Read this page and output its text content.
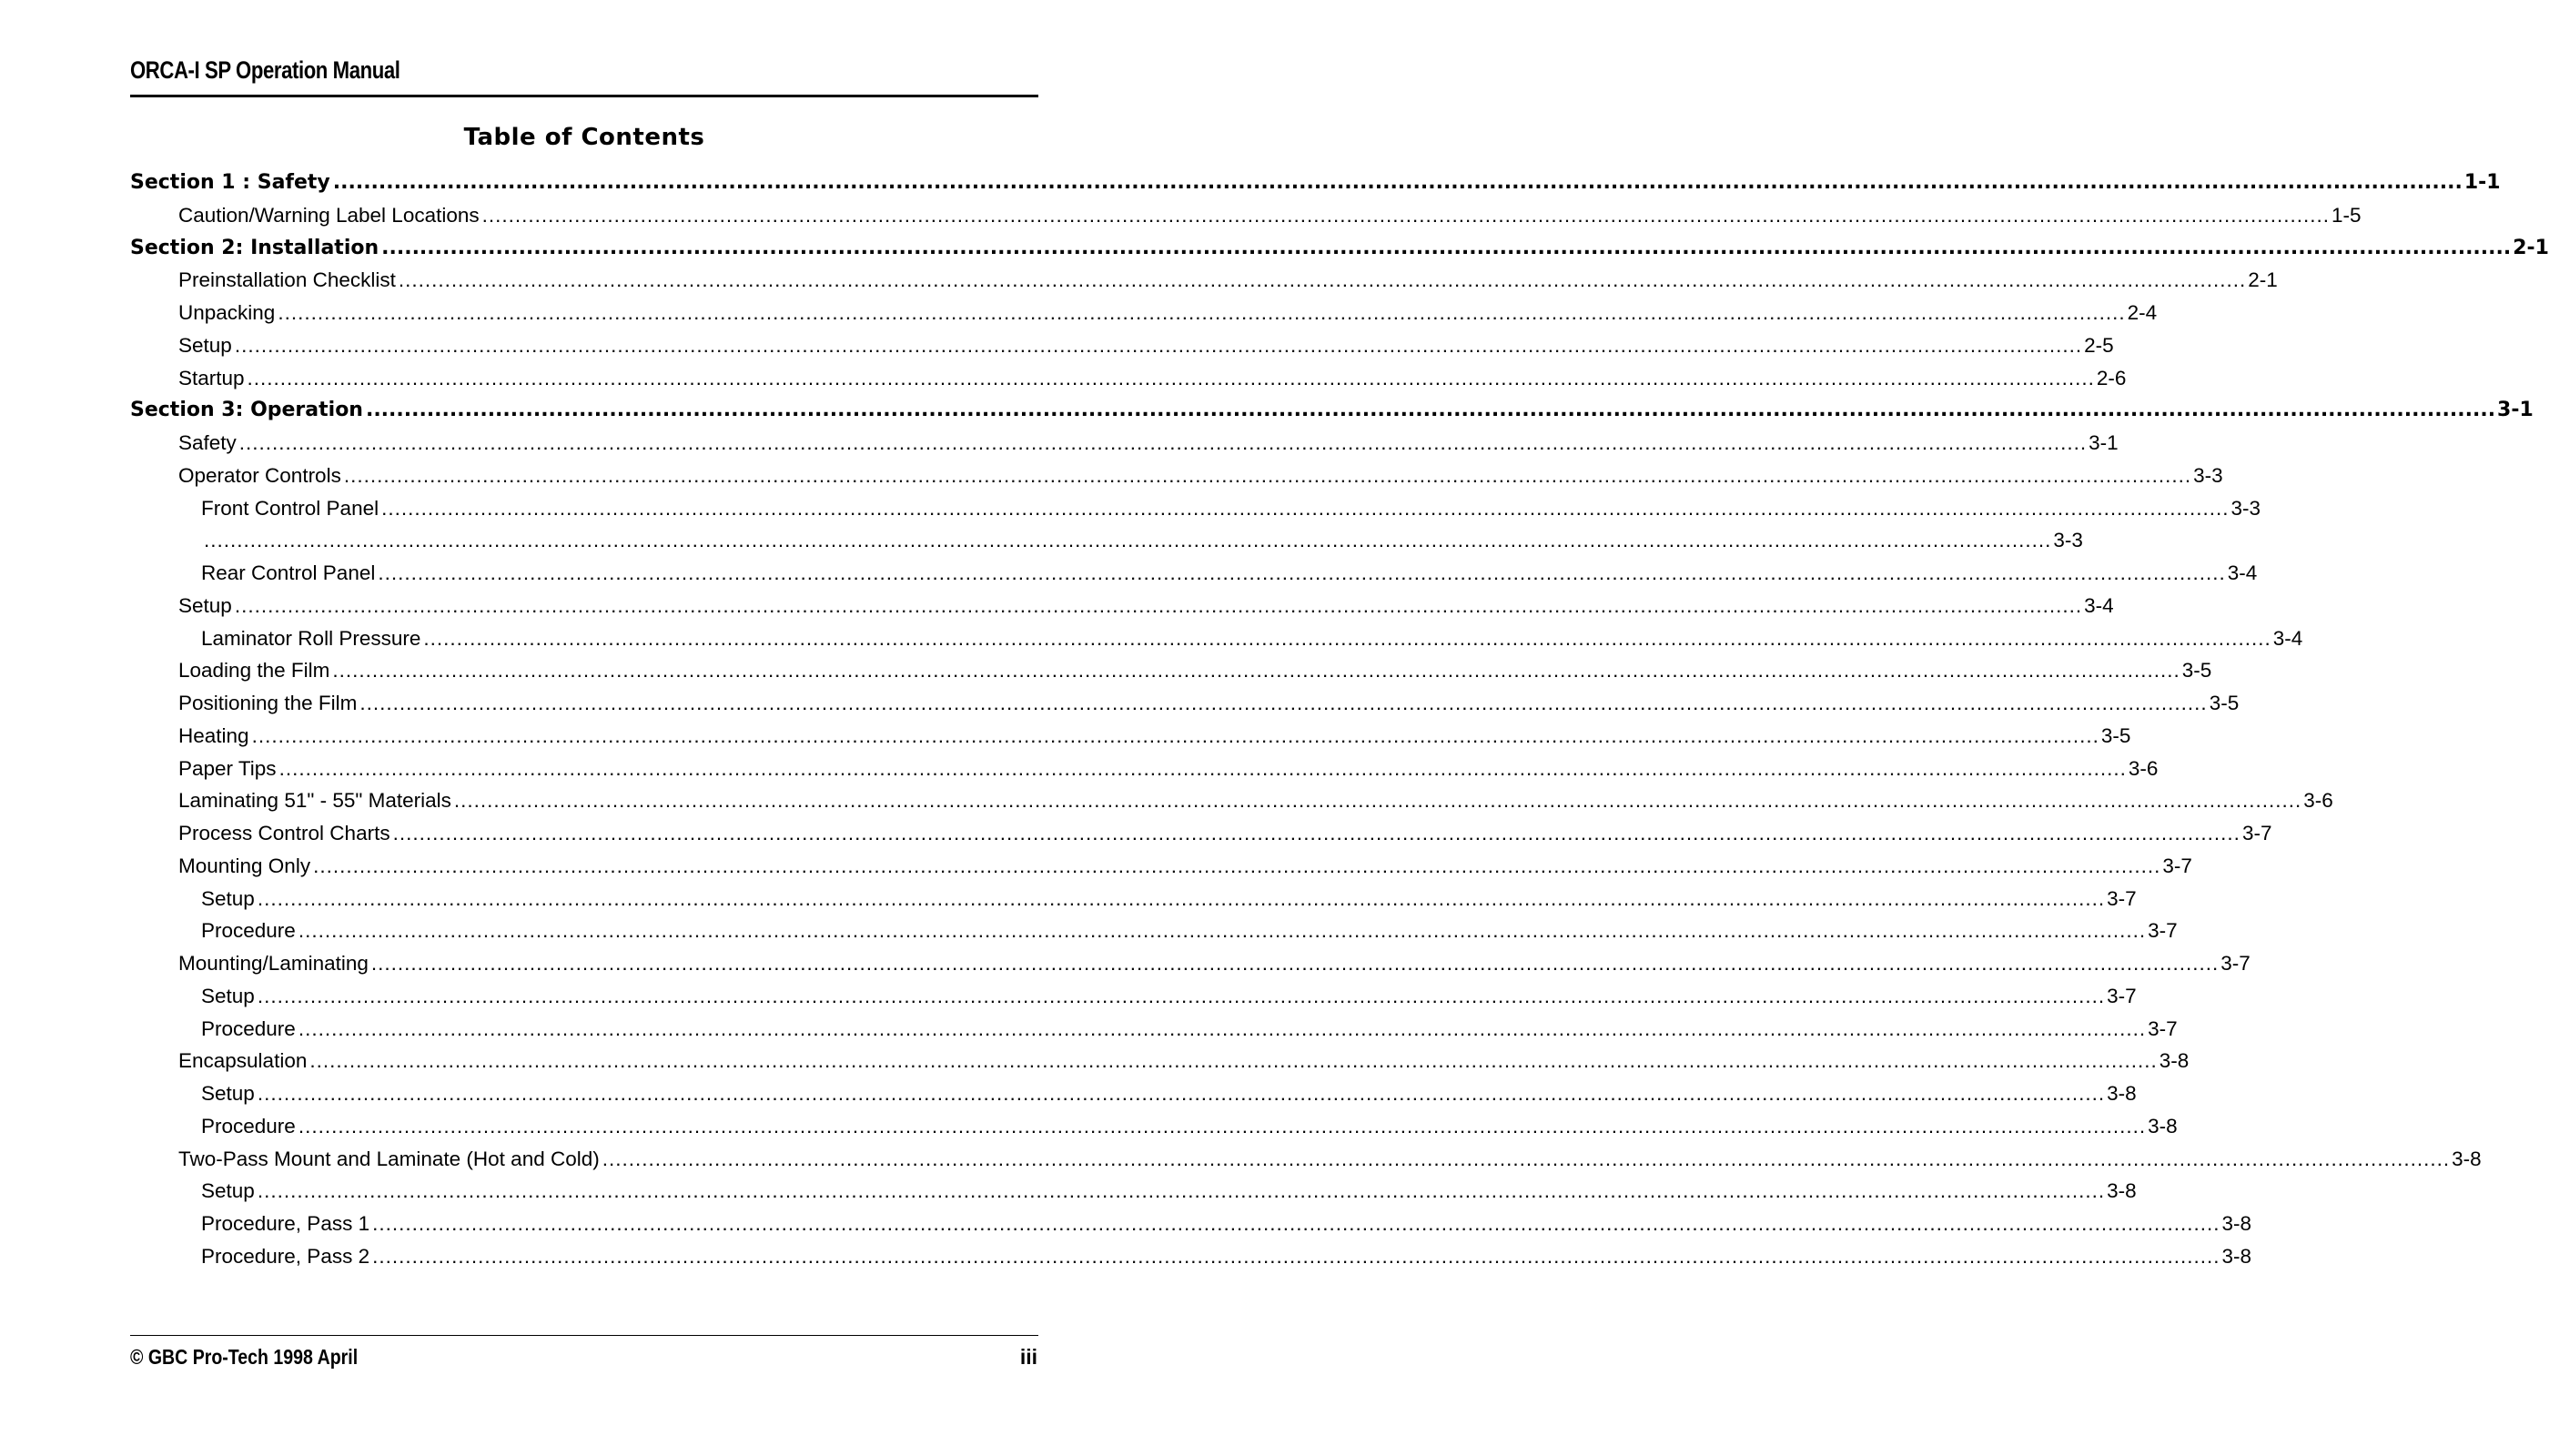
ORCA-I SP Operation Manual
Table of Contents
Section 1 : Safety ........................................................................................................................................................................................................................................................................................ 1-1
Caution/Warning Label Locations ........................................................................................................................................................................................................................................................................................ 1-5
Section 2: Installation ........................................................................................................................................................................................................................................................................................ 2-1
Preinstallation Checklist ........................................................................................................................................................................................................................................................................................ 2-1
Unpacking ........................................................................................................................................................................................................................................................................................ 2-4
Setup ........................................................................................................................................................................................................................................................................................ 2-5
Startup ........................................................................................................................................................................................................................................................................................ 2-6
Section 3: Operation ........................................................................................................................................................................................................................................................................................ 3-1
Safety ........................................................................................................................................................................................................................................................................................ 3-1
Operator Controls ........................................................................................................................................................................................................................................................................................ 3-3
Front Control Panel ........................................................................................................................................................................................................................................................................................ 3-3
........................................................................................................................................................................................................................................................................................ 3-3
Rear Control Panel ........................................................................................................................................................................................................................................................................................ 3-4
Setup ........................................................................................................................................................................................................................................................................................ 3-4
Laminator Roll Pressure ........................................................................................................................................................................................................................................................................................ 3-4
Loading the Film ........................................................................................................................................................................................................................................................................................ 3-5
Positioning the Film ........................................................................................................................................................................................................................................................................................ 3-5
Heating ........................................................................................................................................................................................................................................................................................ 3-5
Paper Tips ........................................................................................................................................................................................................................................................................................ 3-6
Laminating 51" - 55" Materials ........................................................................................................................................................................................................................................................................................ 3-6
Process Control Charts ........................................................................................................................................................................................................................................................................................ 3-7
Mounting Only ........................................................................................................................................................................................................................................................................................ 3-7
Setup ........................................................................................................................................................................................................................................................................................ 3-7
Procedure ........................................................................................................................................................................................................................................................................................ 3-7
Mounting/Laminating ........................................................................................................................................................................................................................................................................................ 3-7
Setup ........................................................................................................................................................................................................................................................................................ 3-7
Procedure ........................................................................................................................................................................................................................................................................................ 3-7
Encapsulation ........................................................................................................................................................................................................................................................................................ 3-8
Setup ........................................................................................................................................................................................................................................................................................ 3-8
Procedure ........................................................................................................................................................................................................................................................................................ 3-8
Two-Pass Mount and Laminate (Hot and Cold) ........................................................................................................................................................................................................................................................................................ 3-8
Setup ........................................................................................................................................................................................................................................................................................ 3-8
Procedure, Pass 1 ........................................................................................................................................................................................................................................................................................ 3-8
Procedure, Pass 2 ........................................................................................................................................................................................................................................................................................ 3-8
© GBC Pro-Tech 1998 April	iii
